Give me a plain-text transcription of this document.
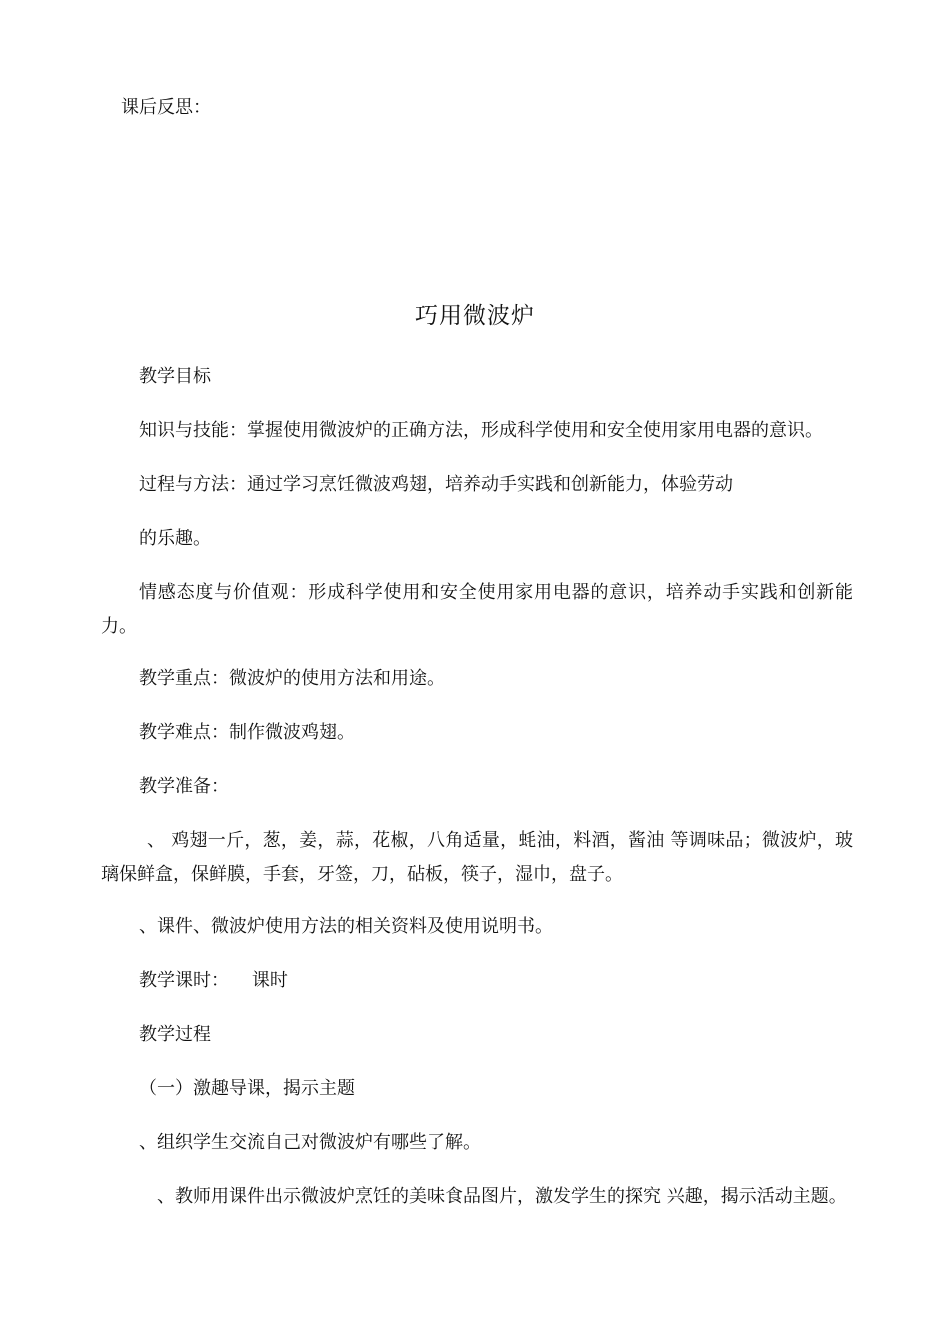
课后反思：
巧用微波炉
教学目标
知识与技能：掌握使用微波炉的正确方法，形成科学使用和安全使用家用电器的意识。
过程与方法：通过学习烹饪微波鸡翅，培养动手实践和创新能力，体验劳动
的乐趣。

情感态度与价值观：形成科学使用和安全使用家用电器的意识，培养动手实践和创新能力。

教学重点：微波炉的使用方法和用途。
教学难点：制作微波鸡翅。
教学准备：

、 鸡翅一斤，葱，姜，蒜，花椒，八角适量，蚝油，料酒，酱油 等调味品；微波炉，玻璃保鲜盒，保鲜膜，手套，牙签，刀，砧板，筷子，湿巾，盘子。

、课件、微波炉使用方法的相关资料及使用说明书。
教学课时：    课时
教学过程
（一）激趣导课，揭示主题
、组织学生交流自己对微波炉有哪些了解。

、教师用课件出示微波炉烹饪的美味食品图片，激发学生的探究 兴趣，揭示活动主题。
